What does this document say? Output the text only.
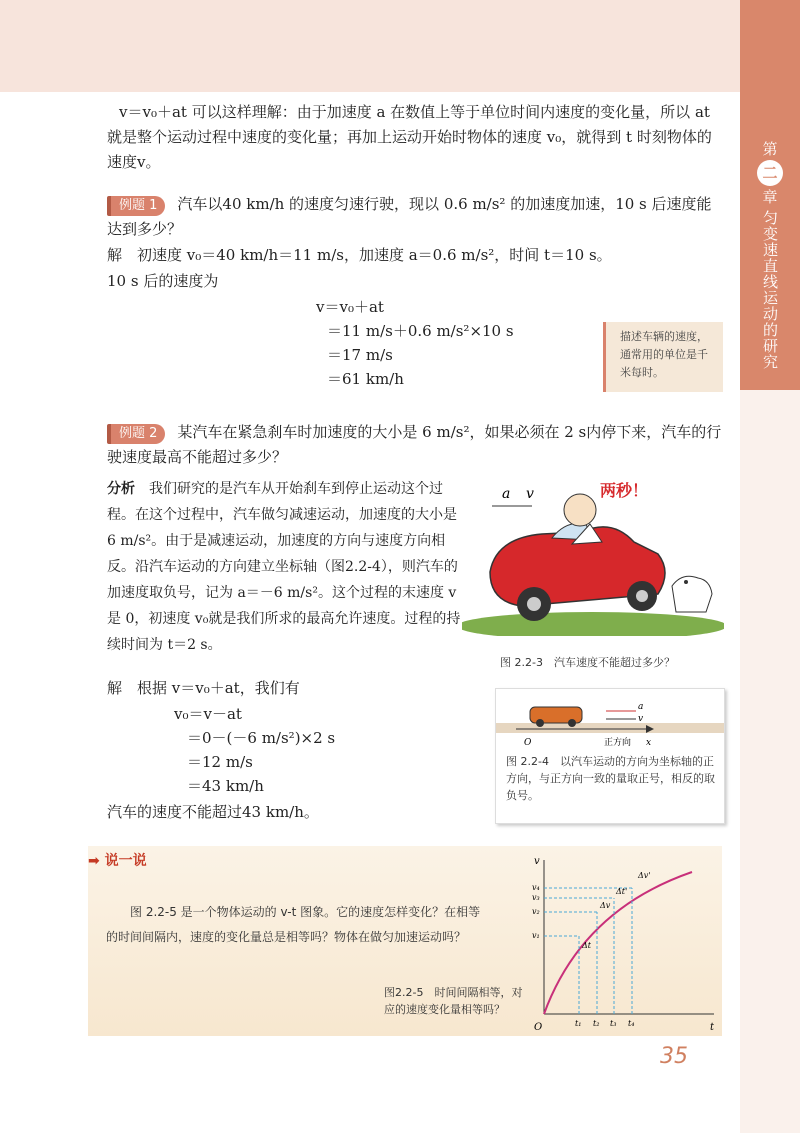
第
二
章
匀变速直线运动的研究
v＝v₀＋at 可以这样理解：由于加速度 a 在数值上等于单位时间内速度的变化量，所以 at 就是整个运动过程中速度的变化量；再加上运动开始时物体的速度 v₀，就得到 t 时刻物体的速度v。
例题 1 汽车以40 km/h 的速度匀速行驶，现以 0.6 m/s² 的加速度加速，10 s 后速度能达到多少？
解　初速度 v₀＝40 km/h＝11 m/s，加速度 a＝0.6 m/s²，时间 t＝10 s。
10 s 后的速度为
v＝v₀＋at
＝11 m/s＋0.6 m/s²×10 s
＝17 m/s
＝61 km/h
描述车辆的速度，通常用的单位是千米每时。
例题 2 某汽车在紧急刹车时加速度的大小是 6 m/s²，如果必须在 2 s内停下来，汽车的行驶速度最高不能超过多少？
分析　 我们研究的是汽车从开始刹车到停止运动这个过程。在这个过程中，汽车做匀减速运动，加速度的大小是 6 m/s²。由于是减速运动，加速度的方向与速度方向相反。沿汽车运动的方向建立坐标轴（图2.2-4），则汽车的加速度取负号，记为 a＝－6 m/s²。这个过程的末速度 v 是 0，初速度 v₀就是我们所求的最高允许速度。过程的持续时间为 t＝2 s。
解　根据 v＝v₀＋at，我们有
v₀＝v－at
＝0－(－6 m/s²)×2 s
＝12 m/s
＝43 km/h
汽车的速度不能超过43 km/h。
a v	两秒！
图 2.2-3　汽车速度不能超过多少？
a
v
O	正方向 x
图 2.2-4　以汽车运动的方向为坐标轴的正方向，与正方向一致的量取正号，相反的取负号。
➡ 说一说
图 2.2-5 是一个物体运动的 v-t 图象。它的速度怎样变化？在相等的时间间隔内，速度的变化量总是相等吗？物体在做匀加速运动吗？
图2.2-5　时间间隔相等，对应的速度变化量相等吗？
v
t
O
v₄
v₃
v₂
v₁
t₁ t₂ t₃ t₄
Δv'
Δt'
Δv
Δt
35
